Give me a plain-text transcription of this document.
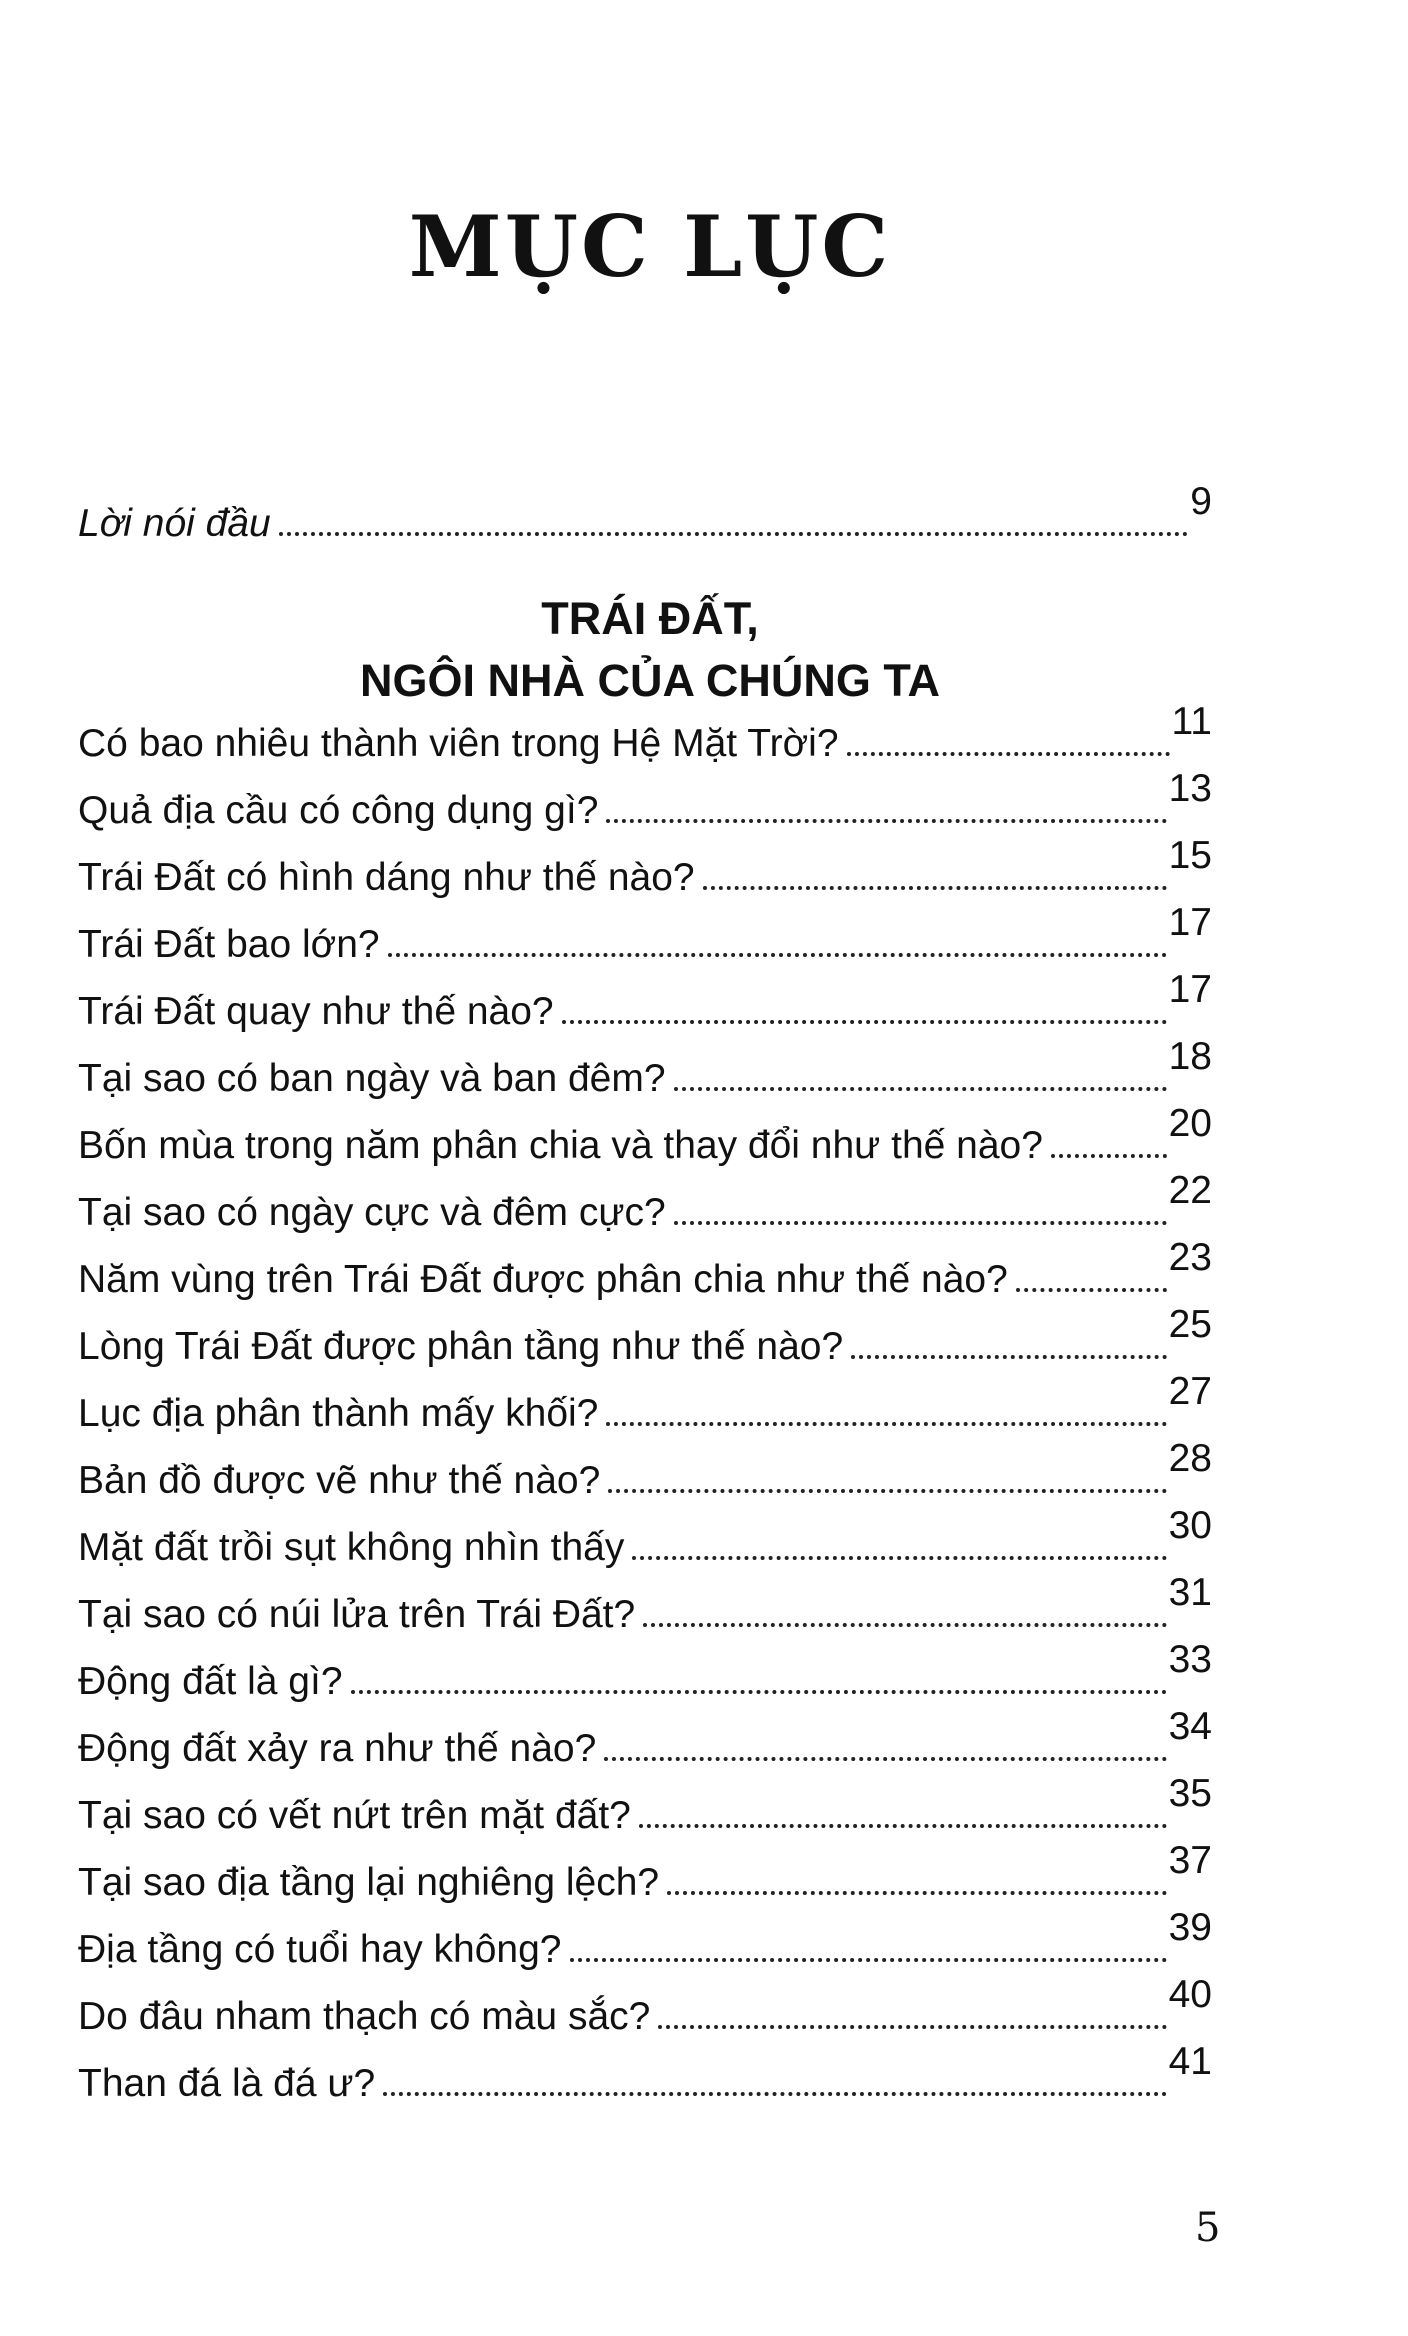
MỤC LỤC
Lời nói đầu
9
TRÁI ĐẤT,
NGÔI NHÀ CỦA CHÚNG TA
Có bao nhiêu thành viên trong Hệ Mặt Trời?
11
Quả địa cầu có công dụng gì?
13
Trái Đất có hình dáng như thế nào?
15
Trái Đất bao lớn?
17
Trái Đất quay như thế nào?
17
Tại sao có ban ngày và ban đêm?
18
Bốn mùa trong năm phân chia và thay đổi như thế nào?
20
Tại sao có ngày cực và đêm cực?
22
Năm vùng trên Trái Đất được phân chia như thế nào?
23
Lòng Trái Đất được phân tầng như thế nào?
25
Lục địa phân thành mấy khối?
27
Bản đồ được vẽ như thế nào?
28
Mặt đất trồi sụt không nhìn thấy
30
Tại sao có núi lửa trên Trái Đất?
31
Động đất là gì?
33
Động đất xảy ra như thế nào?
34
Tại sao có vết nứt trên mặt đất?
35
Tại sao địa tầng lại nghiêng lệch?
37
Địa tầng có tuổi hay không?
39
Do đâu nham thạch có màu sắc?
40
Than đá là đá ư?
41
5
